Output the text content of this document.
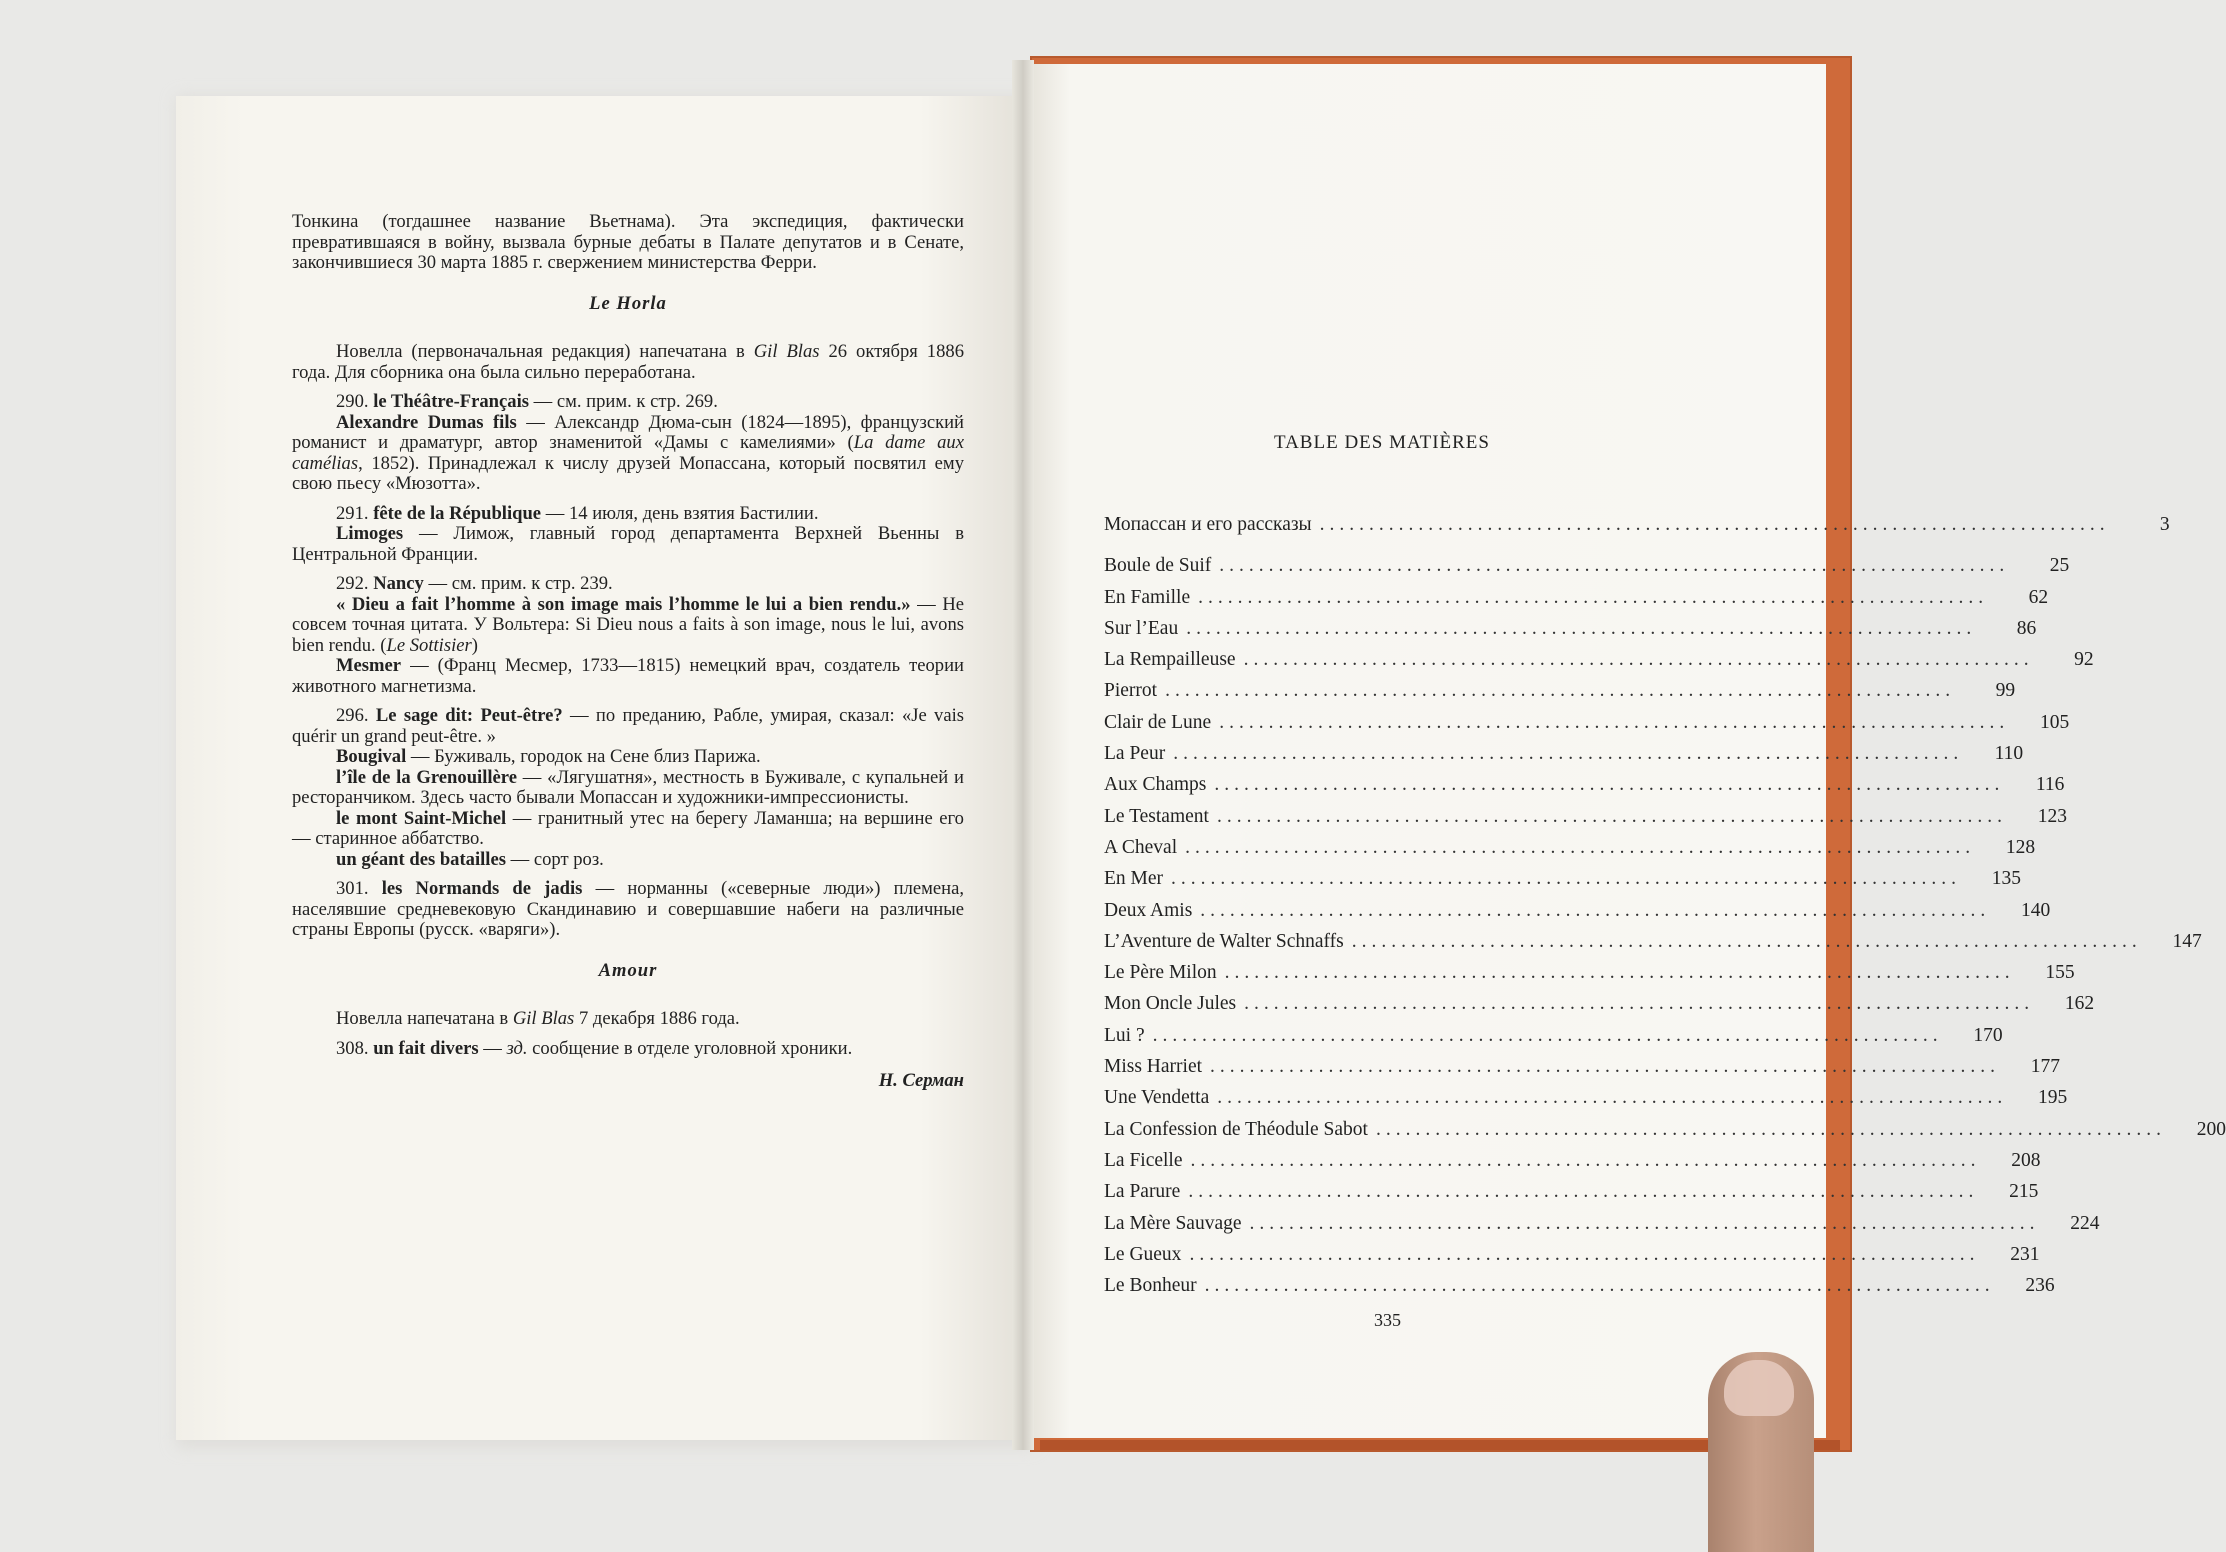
Тонкина (тогдашнее название Вьетнама). Эта экспедиция, фактически превратившаяся в войну, вызвала бурные дебаты в Палате депутатов и в Сенате, закончившиеся 30 марта 1885 г. свержением министерства Ферри.

Le Horla

Новелла (первоначальная редакция) напечатана в Gil Blas 26 октября 1886 года. Для сборника она была сильно переработана.

290. le Théâtre-Français — см. прим. к стр. 269.

Alexandre Dumas fils — Александр Дюма-сын (1824—1895), французский романист и драматург, автор знаменитой «Дамы с камелиями» (La dame aux camélias, 1852). Принадлежал к числу друзей Мопассана, который посвятил ему свою пьесу «Мюзотта».

291. fête de la République — 14 июля, день взятия Бастилии.

Limoges — Лимож, главный город департамента Верхней Вьенны в Центральной Франции.

292. Nancy — см. прим. к стр. 239.

« Dieu a fait l’homme à son image mais l’homme le lui a bien rendu.» — Не совсем точная цитата. У Вольтера: Si Dieu nous a faits à son image, nous le lui, avons bien rendu. (Le Sottisier)

Mesmer — (Франц Месмер, 1733—1815) немецкий врач, создатель теории животного магнетизма.

296. Le sage dit: Peut-être? — по преданию, Рабле, умирая, сказал: «Je vais quérir un grand peut-être. »

Bougival — Буживаль, городок на Сене близ Парижа.

l’île de la Grenouillère — «Лягушатня», местность в Буживале, с купальней и ресторанчиком. Здесь часто бывали Мопассан и художники-импрессионисты.

le mont Saint-Michel — гранитный утес на берегу Ламанша; на вершине его — старинное аббатство.

un géant des batailles — сорт роз.

301. les Normands de jadis — норманны («северные люди») племена, населявшие средневековую Скандинавию и совершавшие набеги на различные страны Европы (русск. «варяги»).

Amour

Новелла напечатана в Gil Blas 7 декабря 1886 года.

308. un fait divers — зд. сообщение в отделе уголовной хроники.

Н. Серман

TABLE DES MATIÈRES
Мопассан и его рассказы ................................................................................	3
Boule de Suif ................................................................................	25
En Famille ................................................................................	62
Sur l’Eau ................................................................................	86
La Rempailleuse ................................................................................	92
Pierrot ................................................................................	99
Clair de Lune ................................................................................	105
La Peur ................................................................................	110
Aux Champs ................................................................................	116
Le Testament ................................................................................	123
A Cheval ................................................................................	128
En Mer ................................................................................	135
Deux Amis ................................................................................	140
L’Aventure de Walter Schnaffs ................................................................................	147
Le Père Milon ................................................................................	155
Mon Oncle Jules ................................................................................	162
Lui ? ................................................................................	170
Miss Harriet ................................................................................	177
Une Vendetta ................................................................................	195
La Confession de Théodule Sabot ................................................................................	200
La Ficelle ................................................................................	208
La Parure ................................................................................	215
La Mère Sauvage ................................................................................	224
Le Gueux ................................................................................	231
Le Bonheur ................................................................................	236
335
